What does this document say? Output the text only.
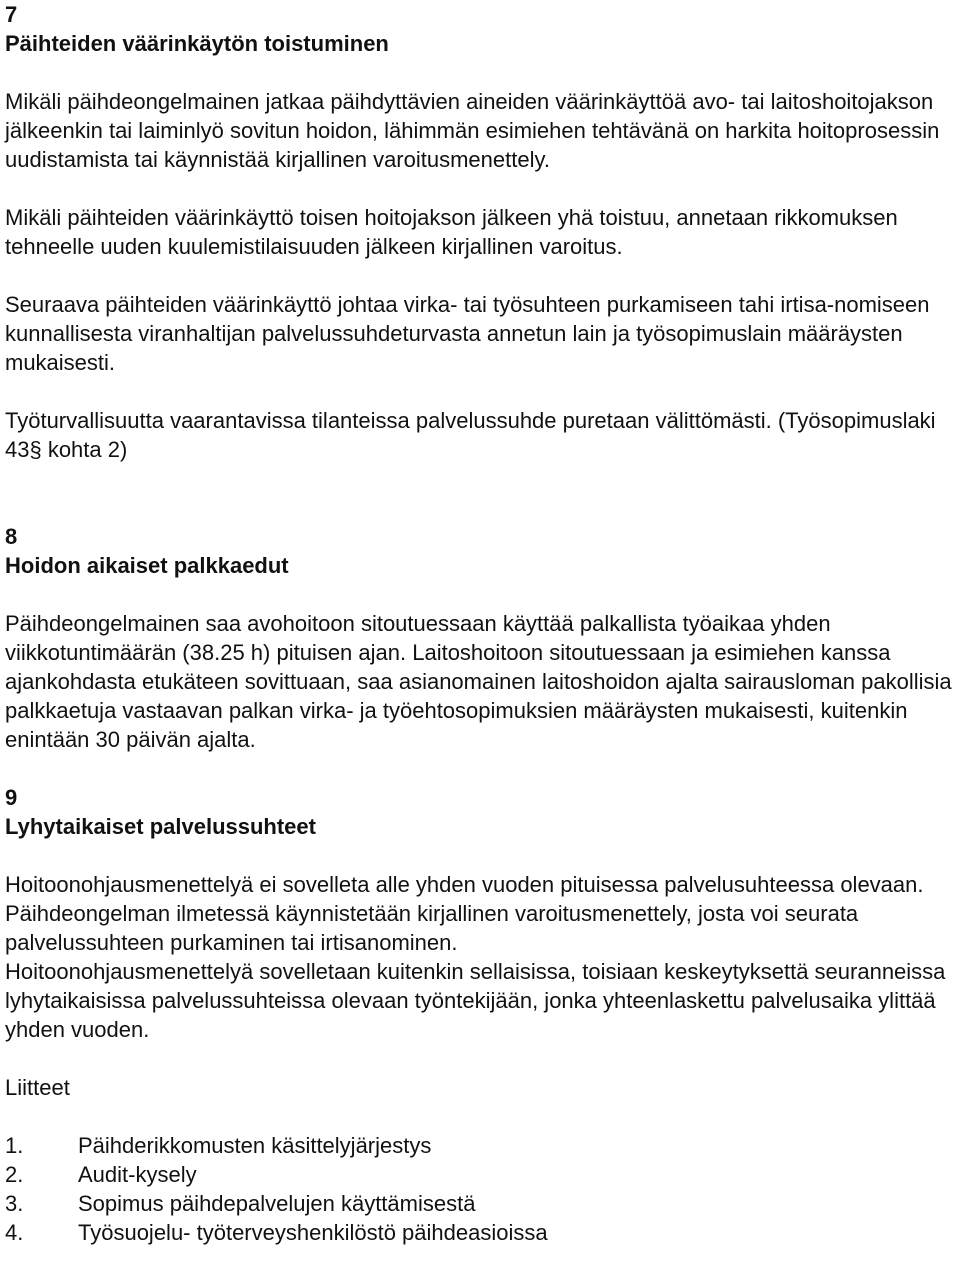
7

Päihteiden väärinkäytön toistuminen

Mikäli päihdeongelmainen jatkaa päihdyttävien aineiden väärinkäyttöä avo- tai laitoshoitojakson jälkeenkin tai laiminlyö sovitun hoidon, lähimmän esimiehen tehtävänä on harkita hoitoprosessin uudistamista tai käynnistää kirjallinen varoitusmenettely.

Mikäli päihteiden väärinkäyttö toisen hoitojakson jälkeen yhä toistuu, annetaan rikkomuksen tehneelle uuden kuulemistilaisuuden jälkeen kirjallinen varoitus.

Seuraava päihteiden väärinkäyttö johtaa virka- tai työsuhteen purkamiseen tahi irtisa-nomiseen kunnallisesta viranhaltijan palvelussuhdeturvasta annetun lain ja työsopimuslain määräysten mukaisesti.

Työturvallisuutta vaarantavissa tilanteissa palvelussuhde puretaan välittömästi. (Työsopimuslaki 43§ kohta 2)

8

Hoidon aikaiset palkkaedut

Päihdeongelmainen saa avohoitoon sitoutuessaan käyttää palkallista työaikaa yhden viikkotuntimäärän (38.25 h) pituisen ajan. Laitoshoitoon sitoutuessaan ja esimiehen kanssa ajankohdasta etukäteen sovittuaan, saa asianomainen laitoshoidon ajalta sairausloman pakollisia palkkaetuja vastaavan palkan virka- ja työehtosopimuksien määräysten mukaisesti, kuitenkin enintään 30 päivän ajalta.

9

Lyhytaikaiset palvelussuhteet

Hoitoonohjausmenettelyä ei sovelleta alle yhden vuoden pituisessa palvelusuhteessa olevaan. Päihdeongelman ilmetessä käynnistetään kirjallinen varoitusmenettely, josta voi seurata palvelussuhteen purkaminen tai irtisanominen.

Hoitoonohjausmenettelyä sovelletaan kuitenkin sellaisissa, toisiaan keskeytyksettä seuranneissa lyhytaikaisissa palvelussuhteissa olevaan työntekijään, jonka yhteenlaskettu palvelusaika ylittää yhden vuoden.

Liitteet

1.	Päihderikkomusten käsittelyjärjestys
2.	Audit-kysely
3.	Sopimus päihdepalvelujen käyttämisestä
4.	Työsuojelu- työterveyshenkilöstö päihdeasioissa
